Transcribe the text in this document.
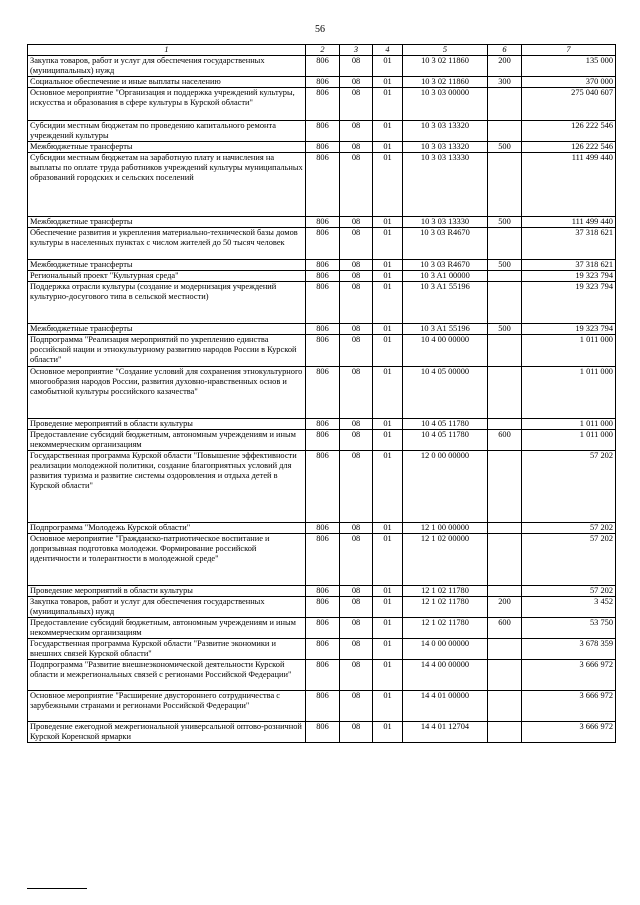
56
1	2	3	4	5	6	7
Закупка товаров, работ и услуг для обеспечения государственных (муниципальных) нужд	806	08	01	10 3 02 11860	200	135 000
Социальное обеспечение и иные выплаты населению	806	08	01	10 3 02 11860	300	370 000
Основное мероприятие "Организация и поддержка учреждений культуры, искусства и образования в сфере культуры в Курской области"	806	08	01	10 3 03 00000		275 040 607
Субсидии местным бюджетам по проведению капитального ремонта учреждений культуры	806	08	01	10 3 03 13320		126 222 546
Межбюджетные трансферты	806	08	01	10 3 03 13320	500	126 222 546
Субсидии местным бюджетам на заработную плату и начисления на выплаты по оплате труда работников учреждений культуры муниципальных образований городских и сельских поселений	806	08	01	10 3 03 13330		111 499 440
Межбюджетные трансферты	806	08	01	10 3 03 13330	500	111 499 440
Обеспечение развития и укрепления материально-технической базы домов культуры в населенных пунктах с числом жителей до 50 тысяч человек	806	08	01	10 3 03 R4670		37 318 621
Межбюджетные трансферты	806	08	01	10 3 03 R4670	500	37 318 621
Региональный проект "Культурная среда"	806	08	01	10 3 A1 00000		19 323 794
Поддержка отрасли культуры (создание и модернизация учреждений культурно-досугового типа в сельской местности)	806	08	01	10 3 A1 55196		19 323 794
Межбюджетные трансферты	806	08	01	10 3 A1 55196	500	19 323 794
Подпрограмма "Реализация мероприятий по укреплению единства российской нации и этнокультурному развитию народов России в Курской области"	806	08	01	10 4 00 00000		1 011 000
Основное мероприятие "Создание условий для сохранения этнокультурного многообразия народов России, развития духовно-нравственных основ и самобытной культуры российского казачества"	806	08	01	10 4 05 00000		1 011 000
Проведение мероприятий в области культуры	806	08	01	10 4 05 11780		1 011 000
Предоставление субсидий бюджетным, автономным учреждениям и иным некоммерческим организациям	806	08	01	10 4 05 11780	600	1 011 000
Государственная программа Курской области "Повышение эффективности реализации молодежной политики, создание благоприятных условий для развития туризма и развитие системы оздоровления и отдыха детей в Курской области"	806	08	01	12 0 00 00000		57 202
Подпрограмма "Молодежь Курской области"	806	08	01	12 1 00 00000		57 202
Основное мероприятие "Гражданско-патриотическое воспитание и допризывная подготовка молодежи. Формирование российской идентичности и толерантности в молодежной среде"	806	08	01	12 1 02 00000		57 202
Проведение мероприятий в области культуры	806	08	01	12 1 02 11780		57 202
Закупка товаров, работ и услуг для обеспечения государственных (муниципальных) нужд	806	08	01	12 1 02 11780	200	3 452
Предоставление субсидий бюджетным, автономным учреждениям и иным некоммерческим организациям	806	08	01	12 1 02 11780	600	53 750
Государственная программа Курской области "Развитие экономики и внешних связей Курской области"	806	08	01	14 0 00 00000		3 678 359
Подпрограмма "Развитие внешнеэкономической деятельности Курской области и межрегиональных связей с регионами Российской Федерации"	806	08	01	14 4 00 00000		3 666 972
Основное мероприятие "Расширение двустороннего сотрудничества с зарубежными странами и регионами Российской Федерации"	806	08	01	14 4 01 00000		3 666 972
Проведение ежегодной межрегиональной универсальной оптово-розничной Курской Коренской ярмарки	806	08	01	14 4 01 12704		3 666 972
